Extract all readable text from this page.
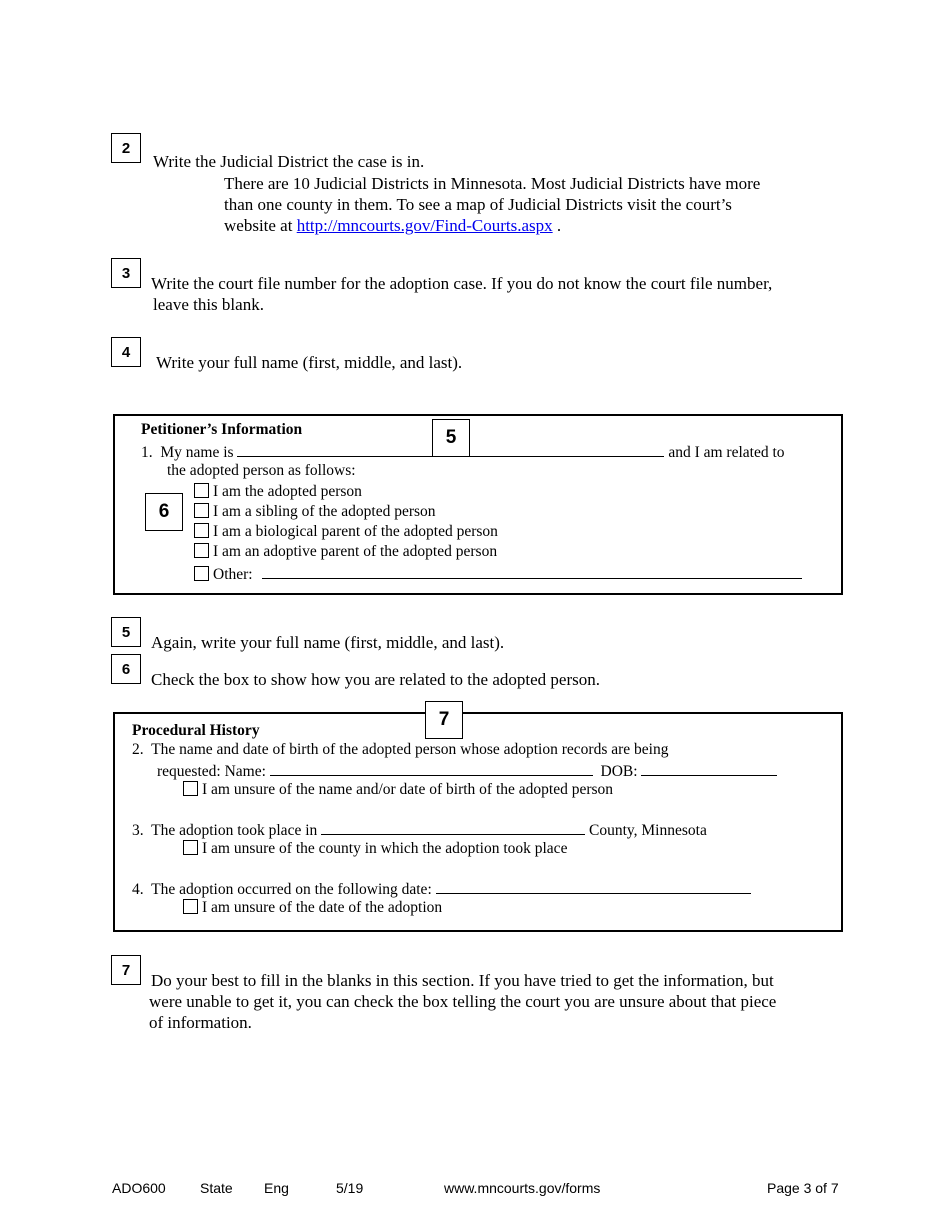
2
Write the Judicial District the case is in.
There are 10 Judicial Districts in Minnesota. Most Judicial Districts have more
than one county in them. To see a map of Judicial Districts visit the court’s
website at http://mncourts.gov/Find-Courts.aspx .
3
Write the court file number for the adoption case. If you do not know the court file number,
leave this blank.
4
Write your full name (first, middle, and last).
Petitioner’s Information
1. My name is	and I am related to
the adopted person as follows:
I am the adopted person
I am a sibling of the adopted person
I am a biological parent of the adopted person
I am an adoptive parent of the adopted person
Other:
5
6
5
Again, write your full name (first, middle, and last).
6
Check the box to show how you are related to the adopted person.
7
Procedural History
2. The name and date of birth of the adopted person whose adoption records are being
requested: Name:	DOB:
I am unsure of the name and/or date of birth of the adopted person
3. The adoption took place in	County, Minnesota
I am unsure of the county in which the adoption took place
4. The adoption occurred on the following date:
I am unsure of the date of the adoption
7
Do your best to fill in the blanks in this section. If you have tried to get the information, but
were unable to get it, you can check the box telling the court you are unsure about that piece
of information.
ADO600 State Eng	5/19	www.mncourts.gov/forms	Page 3 of 7
